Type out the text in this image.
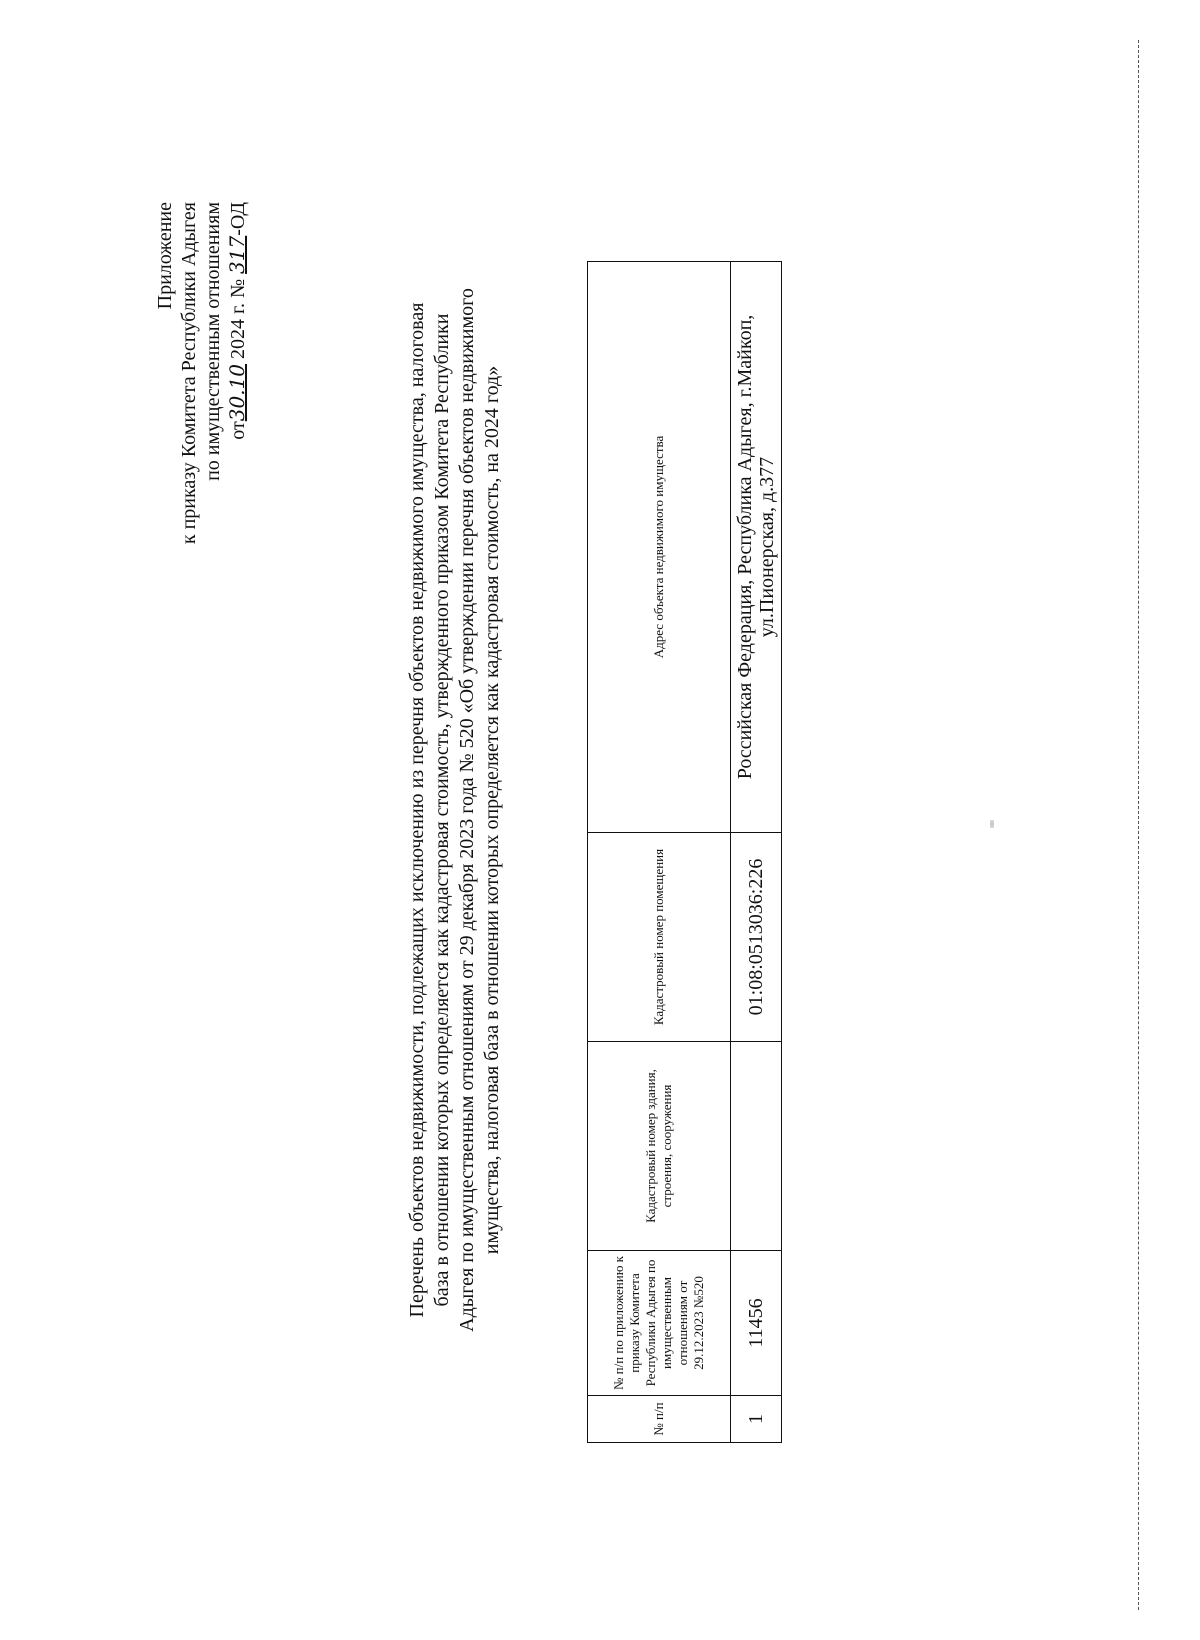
Приложение к приказу Комитета Республики Адыгея по имущественным отношениям от30.10 2024 г. № 317-ОД
Перечень объектов недвижимости, подлежащих исключению из перечня объектов недвижимого имущества, налоговая база в отношении которых определяется как кадастровая стоимость, утвержденного приказом Комитета Республики Адыгея по имущественным отношениям от 29 декабря 2023 года № 520 «Об утверждении перечня объектов недвижимого имущества, налоговая база в отношении которых определяется как кадастровая стоимость, на 2024 год»
№ п/п	№ п/п по приложению к приказу Комитета Республики Адыгея по имущественным отношениям от 29.12.2023 №520	Кадастровый номер здания, строения, сооружения	Кадастровый номер помещения	Адрес объекта недвижимого имущества
1	11456		01:08:0513036:226	Российская Федерация, Республика Адыгея, г.Майкоп, ул.Пионерская, д.377
